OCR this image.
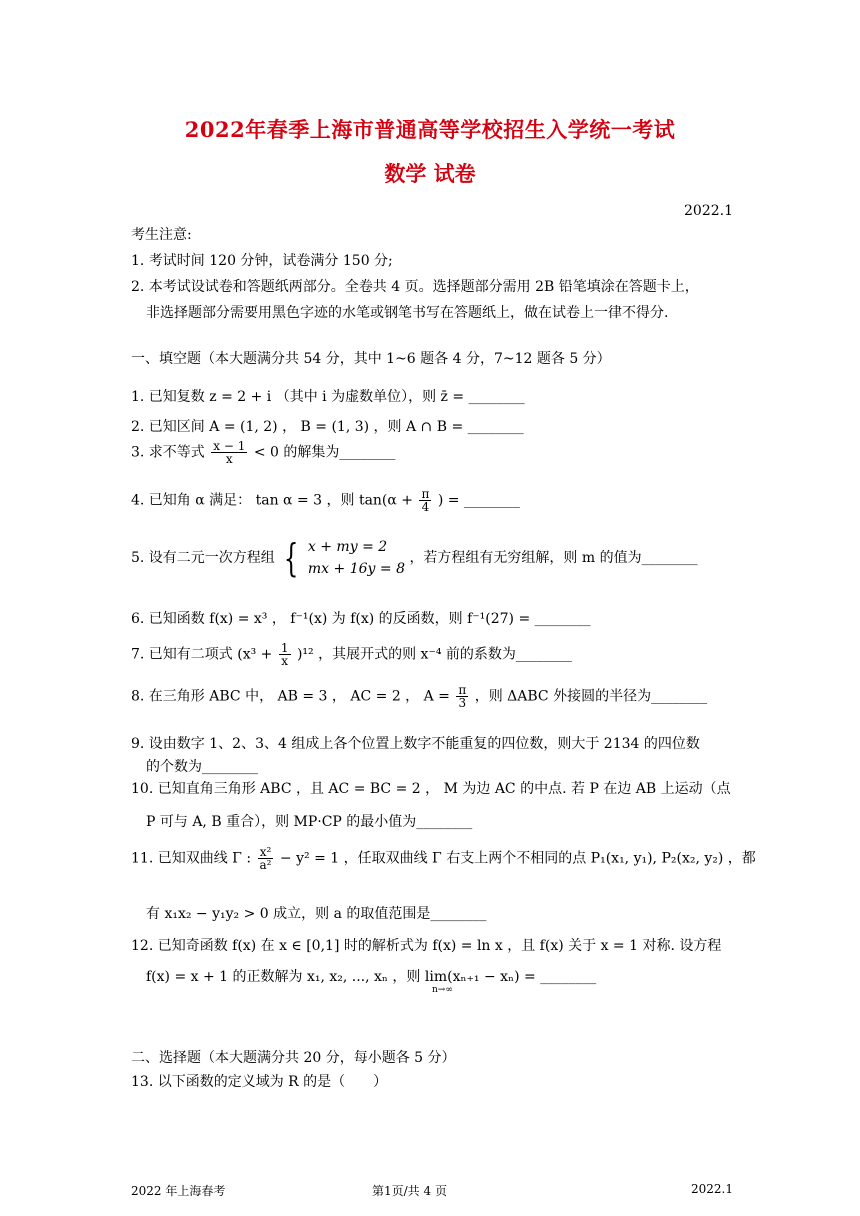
2022年春季上海市普通高等学校招生入学统一考试
数学 试卷
2022.1
考生注意:
1. 考试时间 120 分钟，试卷满分 150 分;
2. 本考试设试卷和答题纸两部分。全卷共 4 页。选择题部分需用 2B 铅笔填涂在答题卡上，
非选择题部分需要用黑色字迹的水笔或钢笔书写在答题纸上，做在试卷上一律不得分.
一、填空题（本大题满分共 54 分，其中 1~6 题各 4 分，7~12 题各 5 分）
1. 已知复数 z = 2 + i （其中 i 为虚数单位），则 z̄ = ________
2. 已知区间 A = (1, 2) ， B = (1, 3) ，则 A ∩ B = ________
3. 求不等式 $\frac{x - 1}{x} < 0$ 的解集为________
4. 已知角 α 满足： tan α = 3 ，则 $\tan(\alpha + \frac{\pi}{4}$ ) = ________
5. 设有二元一次方程组 { x + my = 2
mx + 16y = 8
，若方程组有无穷组解，则 m 的值为________
6. 已知函数 f(x) = x³ ， f⁻¹(x) 为 f(x) 的反函数，则 f⁻¹(27) = ________
7. 已知有二项式 $(x^3 + \frac{1}{x} )^{12}$ ，其展开式的则 x⁻⁴ 前的系数为________
8. 在三角形 ABC 中， AB = 3 ， AC = 2 ， $A = \frac{\pi}{3}$ ，则 ΔABC 外接圆的半径为________
9. 设由数字 1、2、3、4 组成上各个位置上数字不能重复的四位数，则大于 2134 的四位数
的个数为________
10. 已知直角三角形 ABC ，且 AC = BC = 2 ， M 为边 AC 的中点. 若 P 在边 AB 上运动（点
P 可与 A, B 重合），则 MP·CP 的最小值为________
11. 已知双曲线 Γ : $\frac{\text{x²}}{\text{a²}} - y^2 = 1$ ，任取双曲线 Γ 右支上两个不相同的点 P₁(x₁, y₁), P₂(x₂, y₂) ，都
有 x₁x₂ − y₁y₂ > 0 成立，则 a 的取值范围是________
12. 已知奇函数 f(x) 在 x ∈ [0,1] 时的解析式为 f(x) = ln x ，且 f(x) 关于 x = 1 对称. 设方程
f(x) = x + 1 的正数解为 x₁, x₂, ..., xₙ ，则 lim(xₙ₊₁ − xₙ) = ________
n→∞
二、选择题（本大题满分共 20 分，每小题各 5 分）
13. 以下函数的定义域为 R 的是（　　）
2022 年上海春考	第1页/共 4 页	2022.1
